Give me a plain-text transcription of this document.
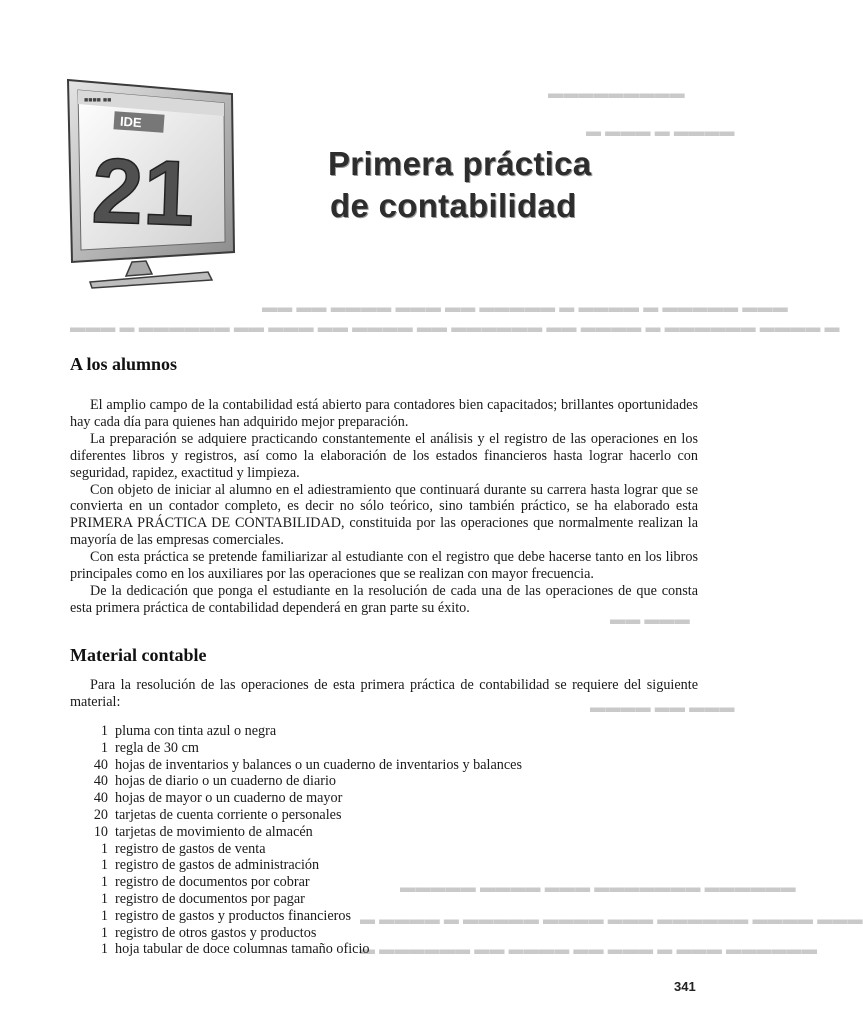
▬▬▬▬▬▬▬▬▬
▬ ▬▬▬ ▬ ▬▬▬▬
▬▬ ▬▬ ▬▬▬▬ ▬▬▬ ▬▬ ▬▬▬▬▬ ▬ ▬▬▬▬ ▬ ▬▬▬▬▬ ▬▬▬
▬▬▬ ▬ ▬▬▬▬▬▬ ▬▬ ▬▬▬ ▬▬ ▬▬▬▬ ▬▬ ▬▬▬▬▬▬ ▬▬ ▬▬▬▬ ▬ ▬▬▬▬▬▬ ▬▬▬▬ ▬
▬▬ ▬▬▬
▬▬▬▬ ▬▬ ▬▬▬
▬▬▬▬▬ ▬▬▬▬ ▬▬▬ ▬▬▬▬▬▬▬ ▬▬▬▬▬▬
▬ ▬▬▬▬ ▬ ▬▬▬▬▬ ▬▬▬▬ ▬▬▬ ▬▬▬▬▬▬ ▬▬▬▬ ▬▬▬
▬ ▬▬▬▬▬▬ ▬▬ ▬▬▬▬ ▬▬ ▬▬▬ ▬ ▬▬▬ ▬▬▬▬▬▬
■■■■ ■■
IDE
21	Primera práctica
de contabilidad
A los alumnos

El amplio campo de la contabilidad está abierto para contadores bien capacitados; brillantes oportunidades hay cada día para quienes han adquirido mejor preparación.

La preparación se adquiere practicando constantemente el análisis y el registro de las operaciones en los diferentes libros y registros, así como la elaboración de los estados financieros hasta lograr hacerlo con seguridad, rapidez, exactitud y limpieza.

Con objeto de iniciar al alumno en el adiestramiento que continuará durante su carrera hasta lograr que se convierta en un contador completo, es decir no sólo teórico, sino también práctico, se ha elaborado esta PRIMERA PRÁCTICA DE CONTABILIDAD, constituida por las operaciones que normalmente realizan la mayoría de las empresas comerciales.

Con esta práctica se pretende familiarizar al estudiante con el registro que debe hacerse tanto en los libros principales como en los auxiliares por las operaciones que se realizan con mayor frecuencia.

De la dedicación que ponga el estudiante en la resolución de cada una de las operaciones de que consta esta primera práctica de contabilidad dependerá en gran parte su éxito.

Material contable

Para la resolución de las operaciones de esta primera práctica de contabilidad se requiere del siguiente material:

1 pluma con tinta azul o negra
1 regla de 30 cm
40 hojas de inventarios y balances o un cuaderno de inventarios y balances
40 hojas de diario o un cuaderno de diario
40 hojas de mayor o un cuaderno de mayor
20 tarjetas de cuenta corriente o personales
10 tarjetas de movimiento de almacén
1 registro de gastos de venta
1 registro de gastos de administración
1 registro de documentos por cobrar
1 registro de documentos por pagar
1 registro de gastos y productos financieros
1 registro de otros gastos y productos
1 hoja tabular de doce columnas tamaño oficio
341
